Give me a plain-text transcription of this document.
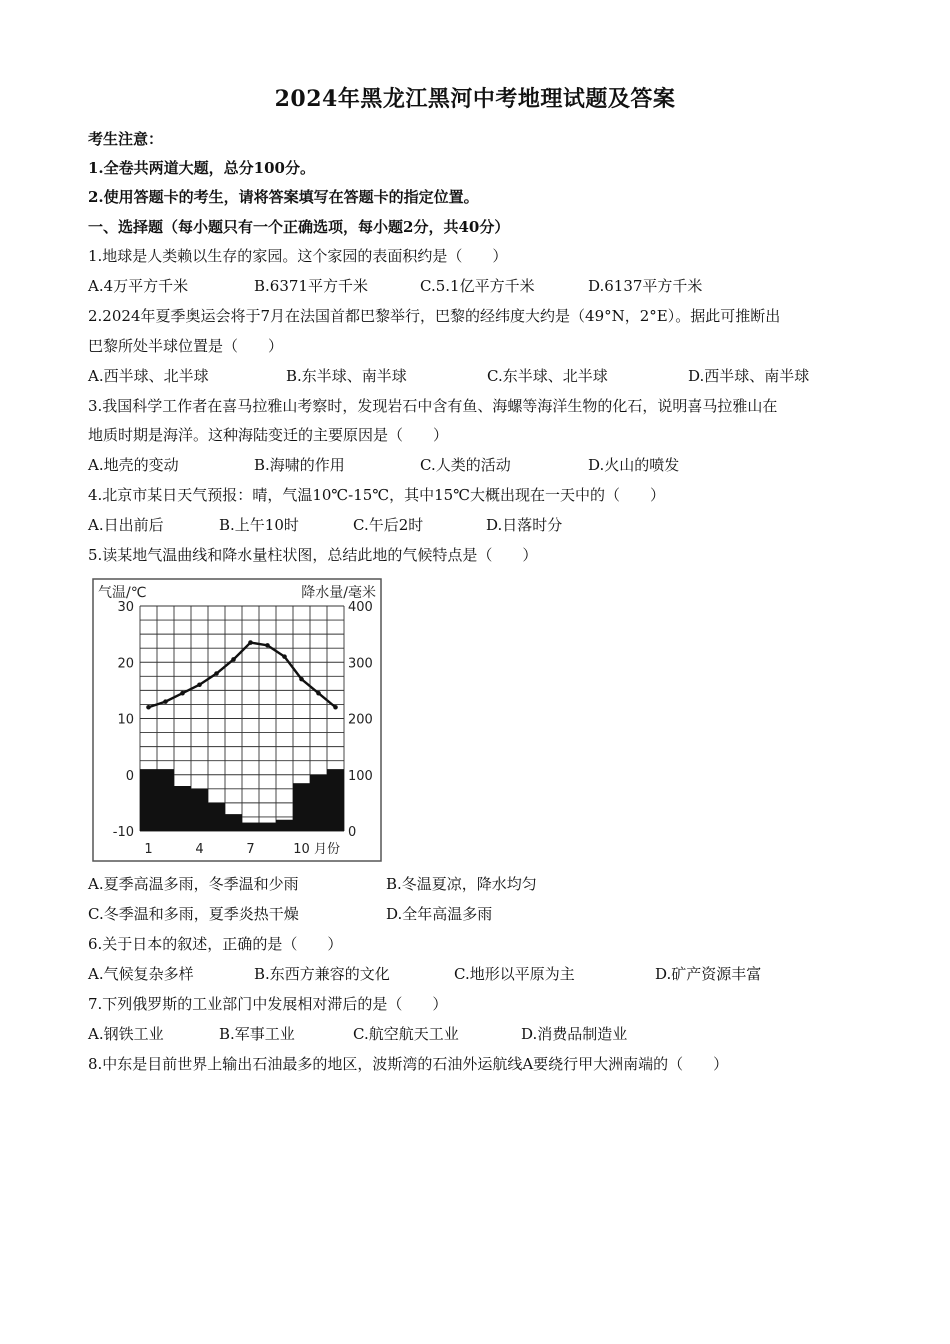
2024年黑龙江黑河中考地理试题及答案
考生注意：
1.全卷共两道大题，总分100分。
2.使用答题卡的考生，请将答案填写在答题卡的指定位置。
一、选择题（每小题只有一个正确选项，每小题2分，共40分）
1.地球是人类赖以生存的家园。这个家园的表面积约是（　　）
A.4万平方千米	B.6371平方千米	C.5.1亿平方千米	D.6137平方千米
2.2024年夏季奥运会将于7月在法国首都巴黎举行，巴黎的经纬度大约是（49°N，2°E）。据此可推断出
巴黎所处半球位置是（　　）
A.西半球、北半球	B.东半球、南半球	C.东半球、北半球	D.西半球、南半球
3.我国科学工作者在喜马拉雅山考察时，发现岩石中含有鱼、海螺等海洋生物的化石，说明喜马拉雅山在
地质时期是海洋。这种海陆变迁的主要原因是（　　）
A.地壳的变动	B.海啸的作用	C.人类的活动	D.火山的喷发
4.北京市某日天气预报：晴，气温10℃-15℃，其中15℃大概出现在一天中的（　　）
A.日出前后	B.上午10时	C.午后2时	D.日落时分
5.读某地气温曲线和降水量柱状图，总结此地的气候特点是（　　）
气温/℃	降水量/毫米
30
20
10
0
-10
400
300
200
100
0
1	4	7	10 月份
A.夏季高温多雨，冬季温和少雨	B.冬温夏凉，降水均匀
C.冬季温和多雨，夏季炎热干燥	D.全年高温多雨
6.关于日本的叙述，正确的是（　　）
A.气候复杂多样	B.东西方兼容的文化	C.地形以平原为主	D.矿产资源丰富
7.下列俄罗斯的工业部门中发展相对滞后的是（　　）
A.钢铁工业	B.军事工业	C.航空航天工业	D.消费品制造业
8.中东是目前世界上输出石油最多的地区，波斯湾的石油外运航线A要绕行甲大洲南端的（　　）
